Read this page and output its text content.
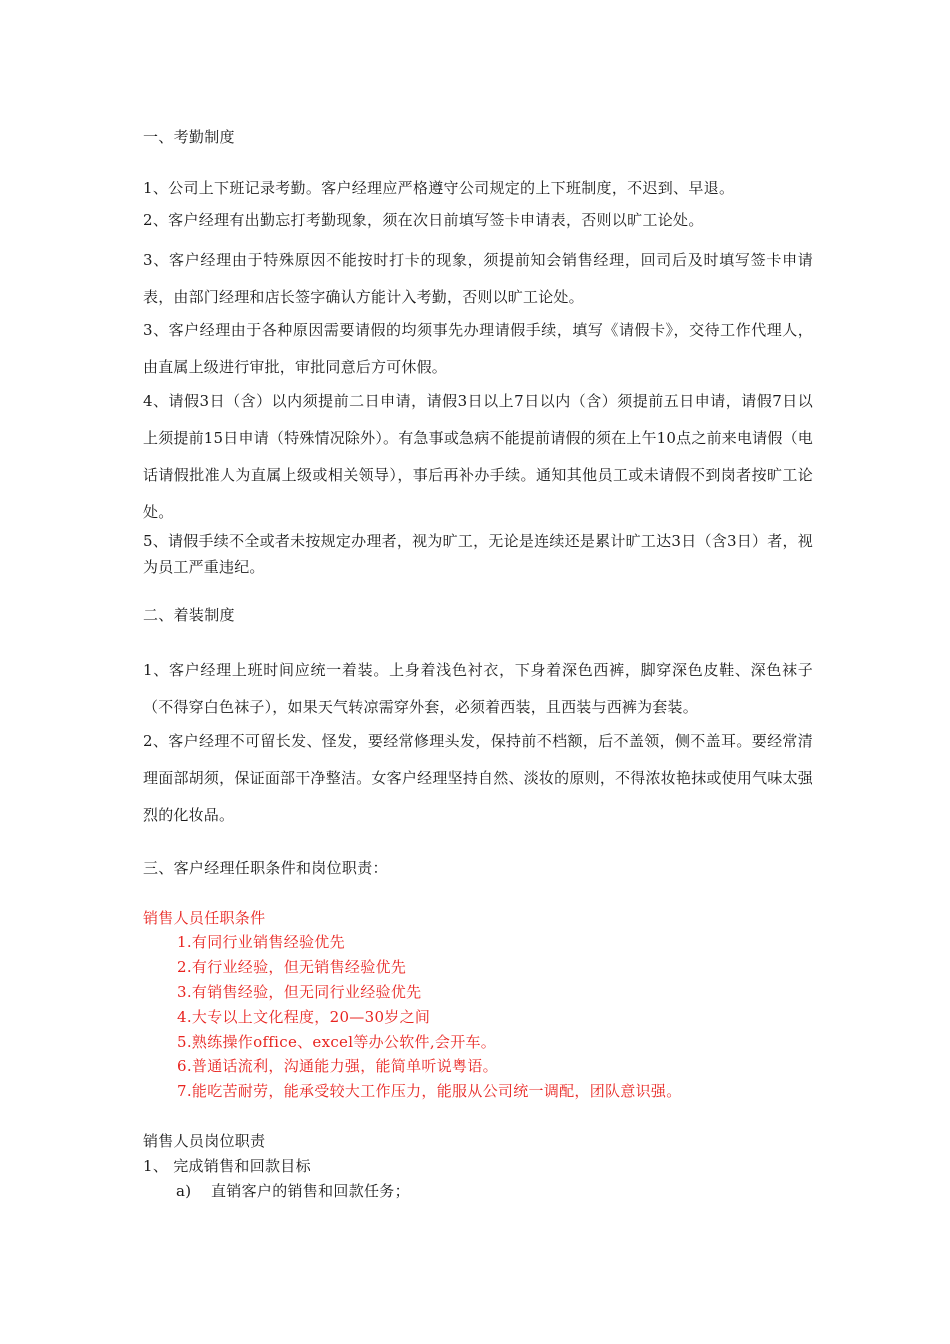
一、考勤制度
1、公司上下班记录考勤。客户经理应严格遵守公司规定的上下班制度，不迟到、早退。
2、客户经理有出勤忘打考勤现象，须在次日前填写签卡申请表，否则以旷工论处。
3、客户经理由于特殊原因不能按时打卡的现象，须提前知会销售经理，回司后及时填写签卡申请表，由部门经理和店长签字确认方能计入考勤，否则以旷工论处。
3、客户经理由于各种原因需要请假的均须事先办理请假手续，填写《请假卡》，交待工作代理人，由直属上级进行审批，审批同意后方可休假。
4、请假3日（含）以内须提前二日申请，请假3日以上7日以内（含）须提前五日申请，请假7日以上须提前15日申请（特殊情况除外）。有急事或急病不能提前请假的须在上午10点之前来电请假（电话请假批准人为直属上级或相关领导），事后再补办手续。通知其他员工或未请假不到岗者按旷工论处。
5、请假手续不全或者未按规定办理者，视为旷工，无论是连续还是累计旷工达3日（含3日）者，视为员工严重违纪。
二、着装制度
1、客户经理上班时间应统一着装。上身着浅色衬衣，下身着深色西裤，脚穿深色皮鞋、深色袜子（不得穿白色袜子），如果天气转凉需穿外套，必须着西装，且西装与西裤为套装。
2、客户经理不可留长发、怪发，要经常修理头发，保持前不档额，后不盖领，侧不盖耳。要经常清理面部胡须，保证面部干净整洁。女客户经理坚持自然、淡妆的原则，不得浓妆艳抹或使用气味太强烈的化妆品。
三、客户经理任职条件和岗位职责：
销售人员任职条件
1.有同行业销售经验优先
2.有行业经验，但无销售经验优先
3.有销售经验，但无同行业经验优先
4.大专以上文化程度，20—30岁之间
5.熟练操作office、excel等办公软件,会开车。
6.普通话流利，沟通能力强，能简单听说粤语。
7.能吃苦耐劳，能承受较大工作压力，能服从公司统一调配，团队意识强。
销售人员岗位职责
1、 完成销售和回款目标
a) 直销客户的销售和回款任务；
